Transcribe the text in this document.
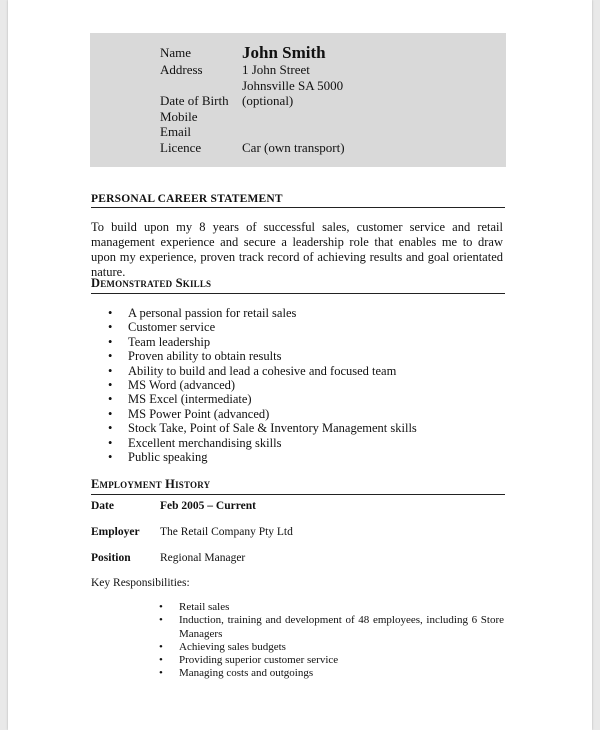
Name	John Smith
Address	1 John Street
Johnsville SA 5000
Date of Birth (optional)
Mobile
Email
Licence	Car (own transport)
PERSONAL CAREER STATEMENT
To build upon my 8 years of successful sales, customer service and retail management experience and secure a leadership role that enables me to draw upon my experience, proven track record of achieving results and goal orientated nature.
Demonstrated Skills
• A personal passion for retail sales
• Customer service
• Team leadership
• Proven ability to obtain results
• Ability to build and lead a cohesive and focused team
• MS Word (advanced)
• MS Excel (intermediate)
• MS Power Point (advanced)
• Stock Take, Point of Sale & Inventory Management skills
• Excellent merchandising skills
• Public speaking
Employment History
Date	Feb 2005 – Current
Employer The Retail Company Pty Ltd
Position	Regional Manager
Key Responsibilities:
• Retail sales
• Induction, training and development of 48 employees, including 6 Store Managers
• Achieving sales budgets
• Providing superior customer service
• Managing costs and outgoings
